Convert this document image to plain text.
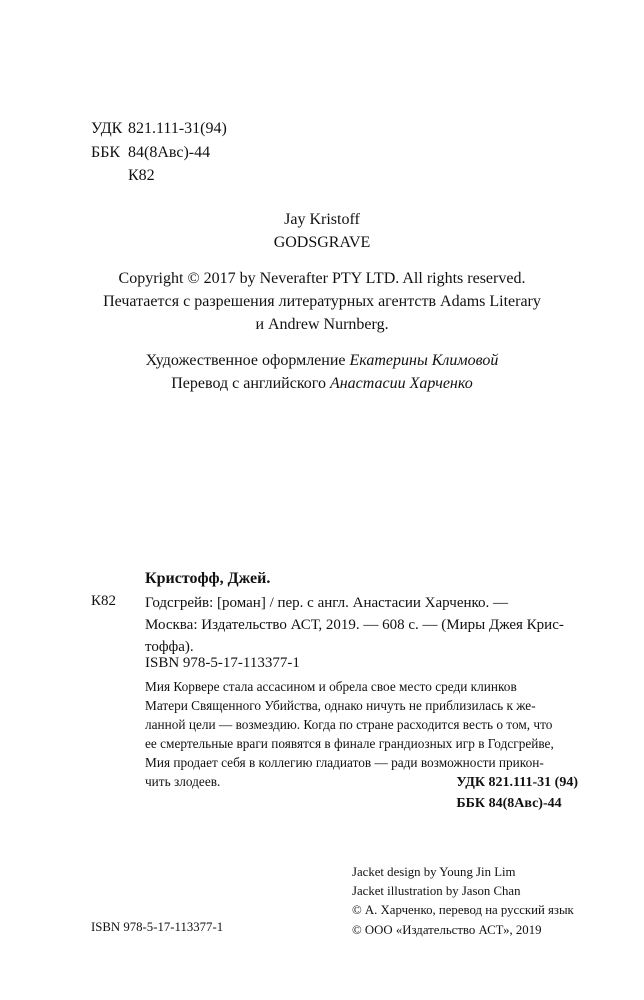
УДК 821.111-31(94)
ББК 84(8Авс)-44
К82
Jay Kristoff
GODSGRAVE
Copyright © 2017 by Neverafter PTY LTD. All rights reserved.
Печатается с разрешения литературных агентств Adams Literary
и Andrew Nurnberg.
Художественное оформление Екатерины Климовой
Перевод с английского Анастасии Харченко
Кристофф, Джей.
К82 Годсгрейв: [роман] / пер. с англ. Анастасии Харченко. —
Москва: Издательство АСТ, 2019. — 608 с. — (Миры Джея Крис-
тоффа).
ISBN 978-5-17-113377-1
Мия Корвере стала ассасином и обрела свое место среди клинков
Матери Священного Убийства, однако ничуть не приблизилась к же-
ланной цели — возмездию. Когда по стране расходится весть о том, что
ее смертельные враги появятся в финале грандиозных игр в Годсгрейве,
Мия продает себя в коллегию гладиатов — ради возможности прикон-
чить злодеев.	УДК 821.111-31 (94)
ББК 84(8Авс)-44
Jacket design by Young Jin Lim
Jacket illustration by Jason Chan
© А. Харченко, перевод на русский язык
© ООО «Издательство АСТ», 2019
ISBN 978-5-17-113377-1
